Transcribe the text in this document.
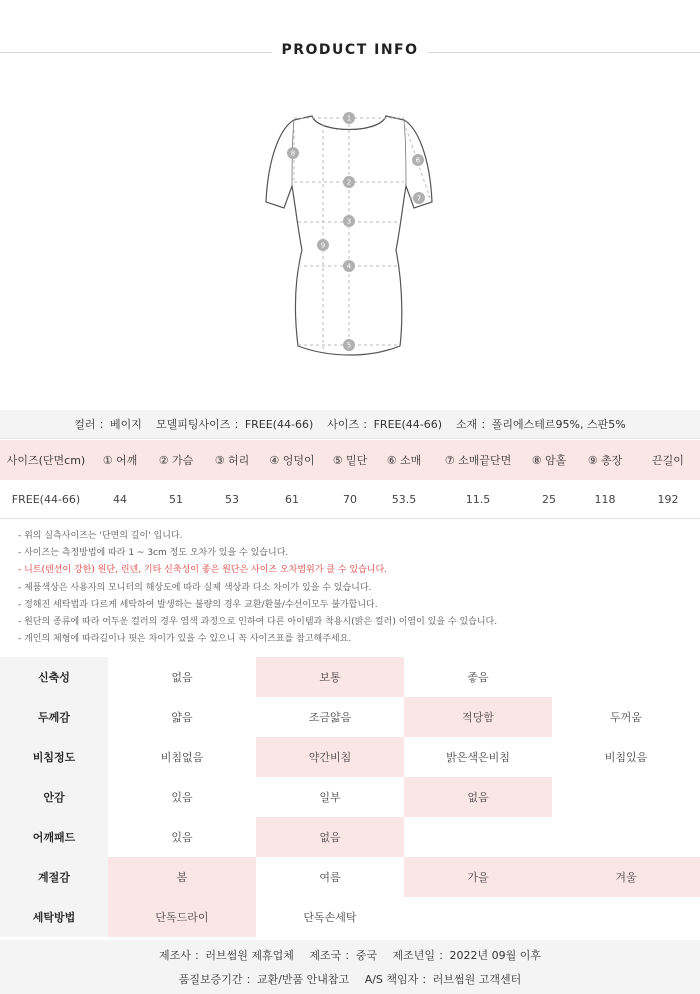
PRODUCT INFO
1
2
3
4
5
6
7
8
9
컬러 ：베이지 모델피팅사이즈 ：FREE(44-66) 사이즈 ：FREE(44-66) 소재 ：폴리에스테르95%, 스판5%
사이즈(단면cm)	① 어깨	② 가슴	③ 허리	④ 엉덩이	⑤ 밑단	⑥ 소매	⑦ 소매끝단면	⑧ 암홀	⑨ 총장	끈길이
FREE(44-66)	44	51	53	61	70	53.5	11.5	25	118	192
- 위의 실측사이즈는 '단면의 길이' 입니다.
- 사이즈는 측정방법에 따라 1 ~ 3cm 정도 오차가 있을 수 있습니다.
- 니트(텐션이 강한) 원단, 린넨, 기타 신축성이 좋은 원단은 사이즈 오차범위가 클 수 있습니다.
- 제품색상은 사용자의 모니터의 해상도에 따라 실제 색상과 다소 차이가 있을 수 있습니다.
- 정해진 세탁법과 다르게 세탁하여 발생하는 불량의 경우 교환/환불/수선이모두 불가합니다.
- 원단의 종류에 따라 어두운 컬러의 경우 염색 과정으로 인하여 다른 아이템과 착용시(밝은 컬러) 이염이 있을 수 있습니다.
- 개인의 체형에 따라길이나 핏은 차이가 있을 수 있으니 꼭 사이즈표를 참고해주세요.
신축성	없음	보통	좋음	
두께감	얇음	조금얇음	적당함	두꺼움
비침정도	비침없음	약간비침	밝은색은비침	비침있음
안감	있음	일부	없음	
어깨패드	있음	없음		
계절감	봄	여름	가을	겨울
세탁방법	단독드라이	단독손세탁		
제조사 ：러브썸원 제휴업체 제조국 ：중국 제조년일 ：2022년 09월 이후
품질보증기간 ：교환/반품 안내참고 A/S 책임자 ：러브썸원 고객센터
